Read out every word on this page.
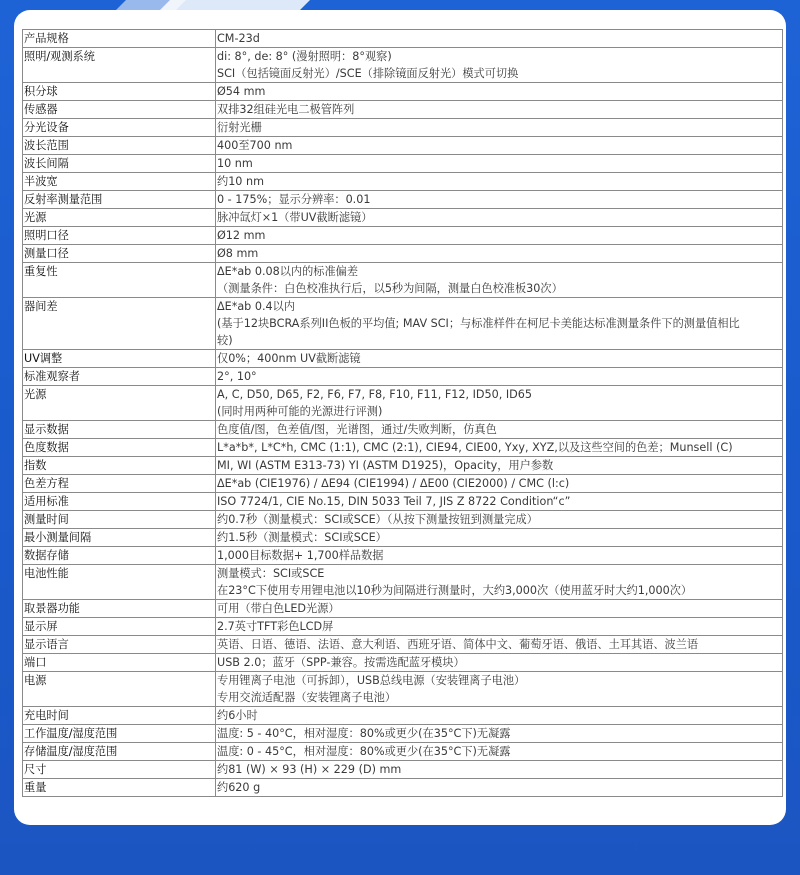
产品规格	CM-23d

照明/观测系统	di: 8°, de: 8° (漫射照明：8°观察)
SCI（包括镜面反射光）/SCE（排除镜面反射光）模式可切换

积分球	Ø54 mm

传感器	双排32组硅光电二极管阵列

分光设备	衍射光栅

波长范围	400至700 nm

波长间隔	10 nm

半波宽	约10 nm

反射率测量范围	0 - 175%；显示分辨率：0.01

光源	脉冲氙灯×1（带UV截断滤镜）

照明口径	Ø12 mm

测量口径	Ø8 mm

重复性	ΔE*ab 0.08以内的标准偏差
（测量条件：白色校准执行后，以5秒为间隔，测量白色校准板30次）

器间差	ΔE*ab 0.4以内
(基于12块BCRA系列II色板的平均值; MAV SCI；与标准样件在柯尼卡美能达标准测量条件下的测量值相比
较)

UV调整	仅0%；400nm UV截断滤镜

标准观察者	2°, 10°

光源	A, C, D50, D65, F2, F6, F7, F8, F10, F11, F12, ID50, ID65
(同时用两种可能的光源进行评测)

显示数据	色度值/图，色差值/图，光谱图，通过/失败判断，仿真色

色度数据	L*a*b*, L*C*h, CMC (1:1), CMC (2:1), CIE94, CIE00, Yxy, XYZ,以及这些空间的色差；Munsell (C)

指数	MI, WI (ASTM E313-73) YI (ASTM D1925)，Opacity，用户参数

色差方程	ΔE*ab (CIE1976) / ΔE94 (CIE1994) / ΔE00 (CIE2000) / CMC (l:c)

适用标准	ISO 7724/1, CIE No.15, DIN 5033 Teil 7, JIS Z 8722 Condition“c”

测量时间	约0.7秒（测量模式：SCI或SCE）（从按下测量按钮到测量完成）

最小测量间隔	约1.5秒（测量模式：SCI或SCE）

数据存储	1,000目标数据+ 1,700样品数据

电池性能	测量模式：SCI或SCE
在23°C下使用专用锂电池以10秒为间隔进行测量时，大约3,000次（使用蓝牙时大约1,000次）

取景器功能	可用（带白色LED光源）

显示屏	2.7英寸TFT彩色LCD屏

显示语言	英语、日语、德语、法语、意大利语、西班牙语、简体中文、葡萄牙语、俄语、土耳其语、波兰语

端口	USB 2.0；蓝牙（SPP-兼容。按需选配蓝牙模块）

电源	专用锂离子电池（可拆卸），USB总线电源（安装锂离子电池）
专用交流适配器（安装锂离子电池）

充电时间	约6小时

工作温度/湿度范围	温度: 5 - 40°C，相对湿度：80%或更少(在35°C下)无凝露

存储温度/湿度范围	温度: 0 - 45°C，相对湿度：80%或更少(在35°C下)无凝露

尺寸	约81 (W) × 93 (H) × 229 (D) mm

重量	约620 g
